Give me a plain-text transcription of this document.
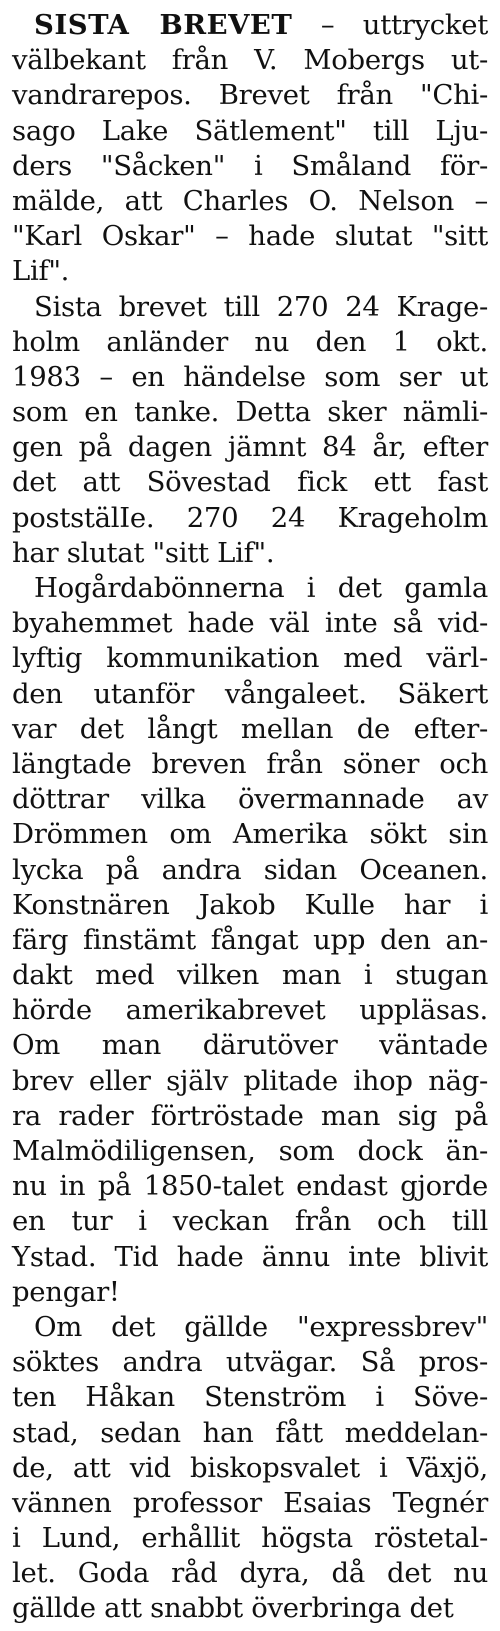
SISTA BREVET – uttrycket
välbekant från V. Mobergs ut-
vandrarepos. Brevet från "Chi-
sago Lake Sätlement" till Lju-
ders "Såcken" i Småland för-
mälde, att Charles O. Nelson –
"Karl Oskar" – hade slutat "sitt
Lif".
Sista brevet till 270 24 Krage-
holm anländer nu den 1 okt.
1983 – en händelse som ser ut
som en tanke. Detta sker nämli-
gen på dagen jämnt 84 år, efter
det att Sövestad fick ett fast
poststälIe. 270 24 Krageholm
har slutat "sitt Lif".
Hogårdabönnerna i det gamla
byahemmet hade väl inte så vid-
lyftig kommunikation med värl-
den utanför vångaleet. Säkert
var det långt mellan de efter-
längtade breven från söner och
döttrar vilka övermannade av
Drömmen om Amerika sökt sin
lycka på andra sidan Oceanen.
Konstnären Jakob Kulle har i
färg finstämt fångat upp den an-
dakt med vilken man i stugan
hörde amerikabrevet uppläsas.
Om man därutöver väntade
brev eller själv plitade ihop näg-
ra rader förtröstade man sig på
Malmödiligensen, som dock än-
nu in på 1850-talet endast gjorde
en tur i veckan från och till
Ystad. Tid hade ännu inte blivit
pengar!
Om det gällde "expressbrev"
söktes andra utvägar. Så pros-
ten Håkan Stenström i Söve-
stad, sedan han fått meddelan-
de, att vid biskopsvalet i Växjö,
vännen professor Esaias Tegnér
i Lund, erhållit högsta röstetal-
let. Goda råd dyra, då det nu
gällde att snabbt överbringa det
